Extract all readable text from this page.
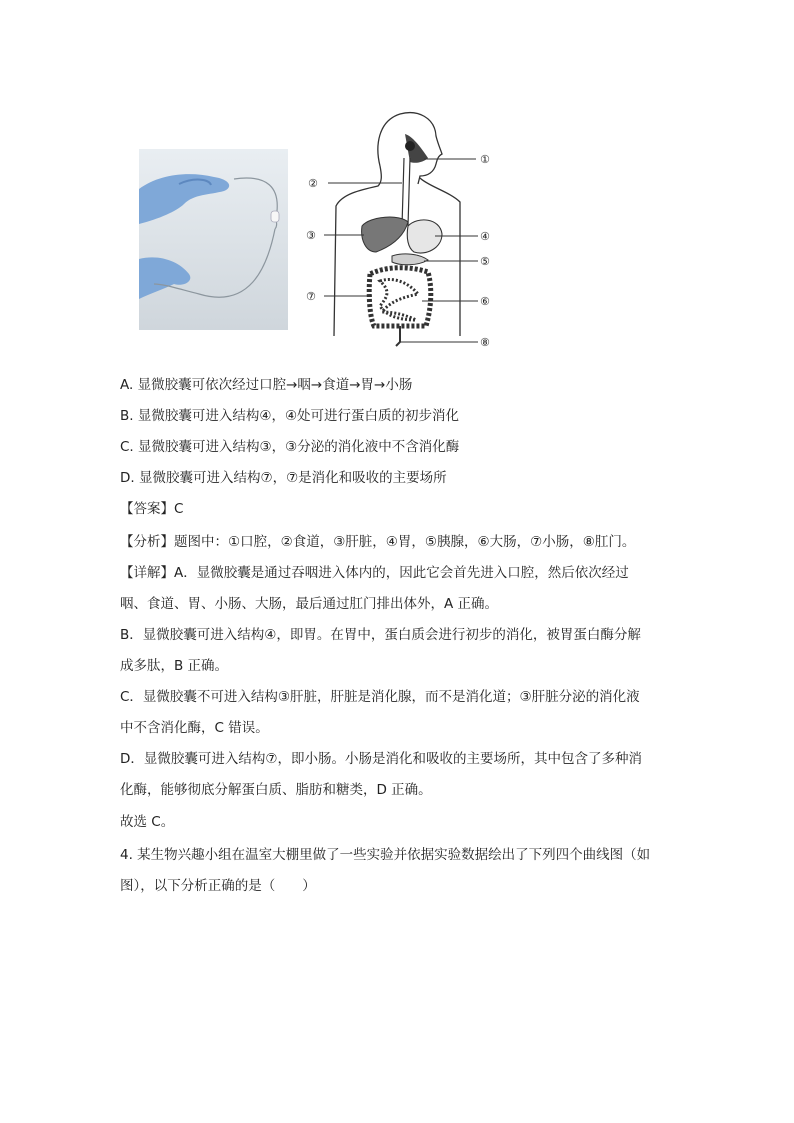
①
②
③	④
⑤
⑥
⑦
⑧
A. 显微胶囊可依次经过口腔→咽→食道→胃→小肠
B. 显微胶囊可进入结构④，④处可进行蛋白质的初步消化
C. 显微胶囊可进入结构③，③分泌的消化液中不含消化酶
D. 显微胶囊可进入结构⑦，⑦是消化和吸收的主要场所
【答案】C
【分析】题图中：①口腔，②食道，③肝脏，④胃，⑤胰腺，⑥大肠，⑦小肠，⑧肛门。
【详解】A．显微胶囊是通过吞咽进入体内的，因此它会首先进入口腔，然后依次经过
咽、食道、胃、小肠、大肠，最后通过肛门排出体外，A 正确。
B．显微胶囊可进入结构④，即胃。在胃中，蛋白质会进行初步的消化，被胃蛋白酶分解
成多肽，B 正确。
C．显微胶囊不可进入结构③肝脏，肝脏是消化腺，而不是消化道；③肝脏分泌的消化液
中不含消化酶，C 错误。
D．显微胶囊可进入结构⑦，即小肠。小肠是消化和吸收的主要场所，其中包含了多种消
化酶，能够彻底分解蛋白质、脂肪和糖类，D 正确。
故选 C。
4. 某生物兴趣小组在温室大棚里做了一些实验并依据实验数据绘出了下列四个曲线图（如
图），以下分析正确的是（　　）
